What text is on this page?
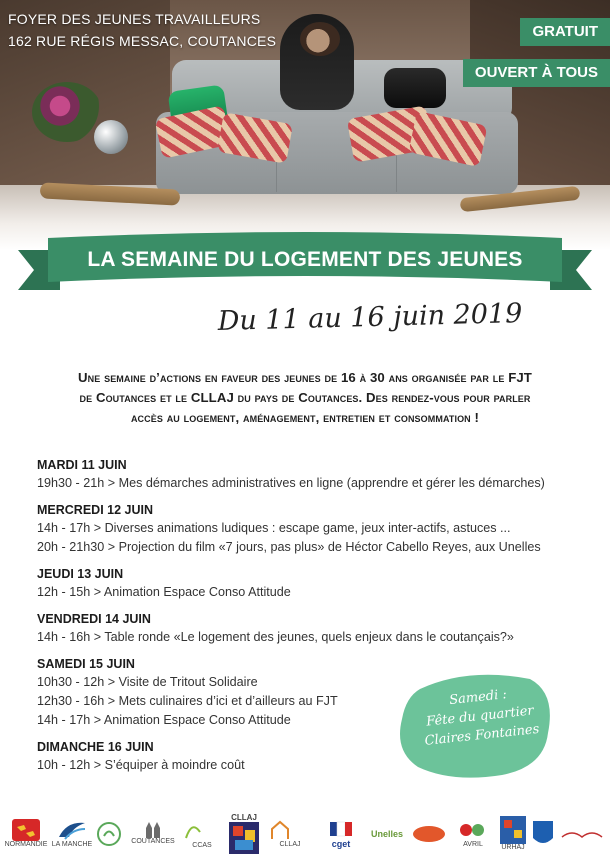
FOYER DES JEUNES TRAVAILLEURS
162 RUE RÉGIS MESSAC, COUTANCES
GRATUIT
OUVERT À TOUS
LA SEMAINE DU LOGEMENT DES JEUNES
Du 11 au 16 juin 2019
Une semaine d’actions en faveur des jeunes de 16 à 30 ans organisée par le FJT
de Coutances et le CLLAJ du pays de Coutances. Des rendez-vous pour parler
accès au logement, aménagement, entretien et consommation !
MARDI 11 JUIN
19h30 - 21h > Mes démarches administratives en ligne (apprendre et gérer les démarches)
MERCREDI 12 JUIN
14h - 17h > Diverses animations ludiques : escape game, jeux inter-actifs, astuces ...
20h - 21h30 > Projection du film «7 jours, pas plus» de Héctor Cabello Reyes, aux Unelles
JEUDI 13 JUIN
12h - 15h > Animation Espace Conso Attitude
VENDREDI 14 JUIN
14h - 16h > Table ronde «Le logement des jeunes, quels enjeux dans le coutançais?»
SAMEDI 15 JUIN
10h30 - 12h > Visite de Tritout Solidaire
12h30 - 16h > Mets culinaires d’ici et d’ailleurs au FJT
14h - 17h > Animation Espace Conso Attitude
DIMANCHE 16 JUIN
10h - 12h > S’équiper à moindre coût
Samedi :
Fête du quartier
Claires Fontaines
NORMANDIE LA MANCHE	COUTANCES
CCAS
CLLAJ
CLLAJ	cget
Unelles
AVRIL	URHAJ
